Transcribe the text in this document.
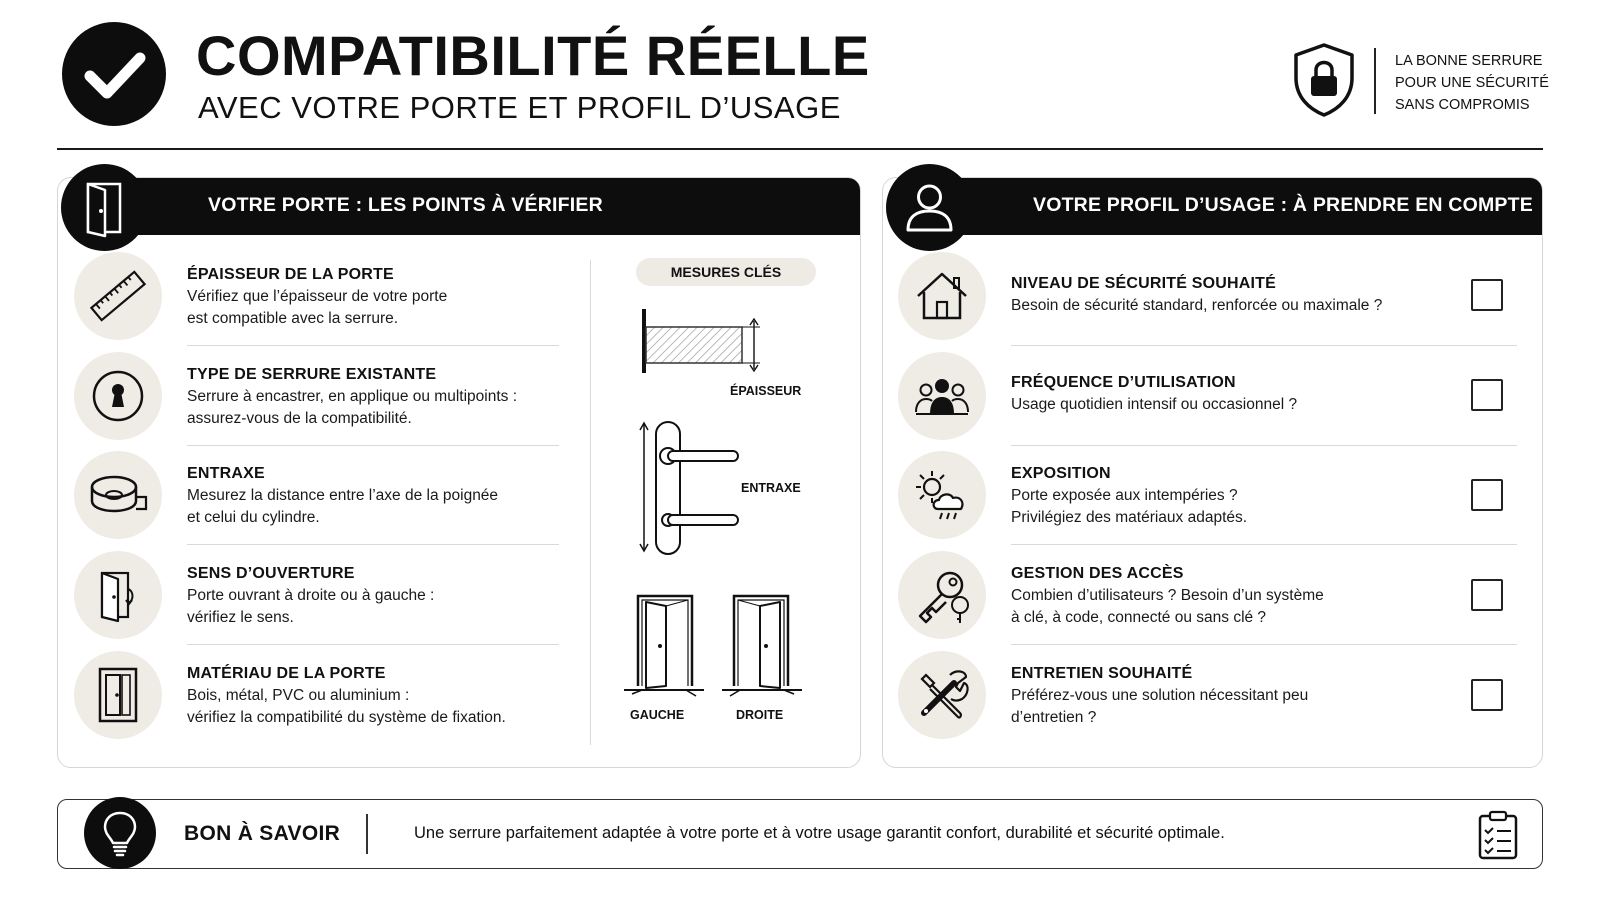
COMPATIBILITÉ RÉELLE
AVEC VOTRE PORTE ET PROFIL D’USAGE
LA BONNE SERRURE
POUR UNE SÉCURITÉ
SANS COMPROMIS
VOTRE PORTE : LES POINTS À VÉRIFIER
ÉPAISSEUR DE LA PORTE
Vérifiez que l’épaisseur de votre porte
est compatible avec la serrure.
TYPE DE SERRURE EXISTANTE
Serrure à encastrer, en applique ou multipoints :
assurez-vous de la compatibilité.
ENTRAXE
Mesurez la distance entre l’axe de la poignée
et celui du cylindre.
SENS D’OUVERTURE
Porte ouvrant à droite ou à gauche :
vérifiez le sens.
MATÉRIAU DE LA PORTE
Bois, métal, PVC ou aluminium :
vérifiez la compatibilité du système de fixation.
MESURES CLÉS
ÉPAISSEUR
ENTRAXE
GAUCHE	DROITE
VOTRE PROFIL D’USAGE : À PRENDRE EN COMPTE
NIVEAU DE SÉCURITÉ SOUHAITÉ
Besoin de sécurité standard, renforcée ou maximale ?
FRÉQUENCE D’UTILISATION
Usage quotidien intensif ou occasionnel ?
EXPOSITION
Porte exposée aux intempéries ?
Privilégiez des matériaux adaptés.
GESTION DES ACCÈS
Combien d’utilisateurs ? Besoin d’un système
à clé, à code, connecté ou sans clé ?
ENTRETIEN SOUHAITÉ
Préférez-vous une solution nécessitant peu
d’entretien ?
BON À SAVOIR	Une serrure parfaitement adaptée à votre porte et à votre usage garantit confort, durabilité et sécurité optimale.
